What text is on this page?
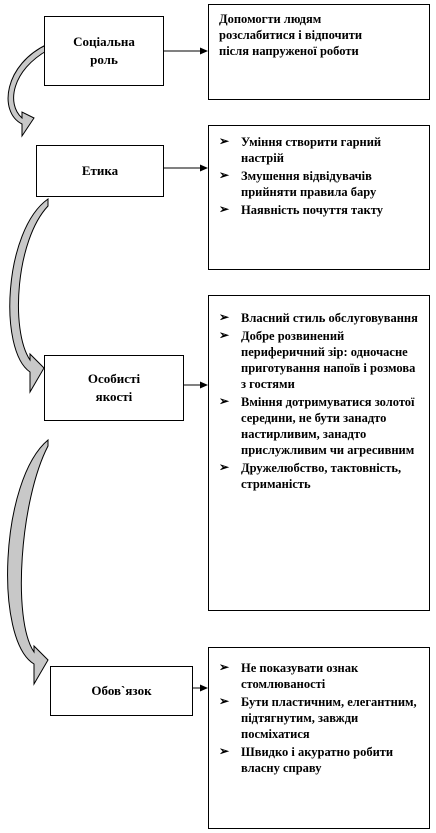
Соціальна
роль
Допомогти людям
розслабитися і відпочити
після напруженої роботи
Етика
➢ Уміння створити гарний настрій
➢ Змушення відвідувачів прийняти правила бару
➢ Наявність почуття такту
Особисті
якості
➢ Власний стиль обслуговування
➢ Добре розвинений периферичний зір: одночасне приготування напоїв і розмова з гостями
➢ Вміння дотримуватися золотої середини, не бути занадто настирливим, занадто прислужливим чи агресивним
➢ Дружелюбство, тактовність, стриманість
Обов`язок
➢ Не показувати ознак стомлюваності
➢ Бути пластичним, елегантним, підтягнутим, завжди посміхатися
➢ Швидко і акуратно робити власну справу
